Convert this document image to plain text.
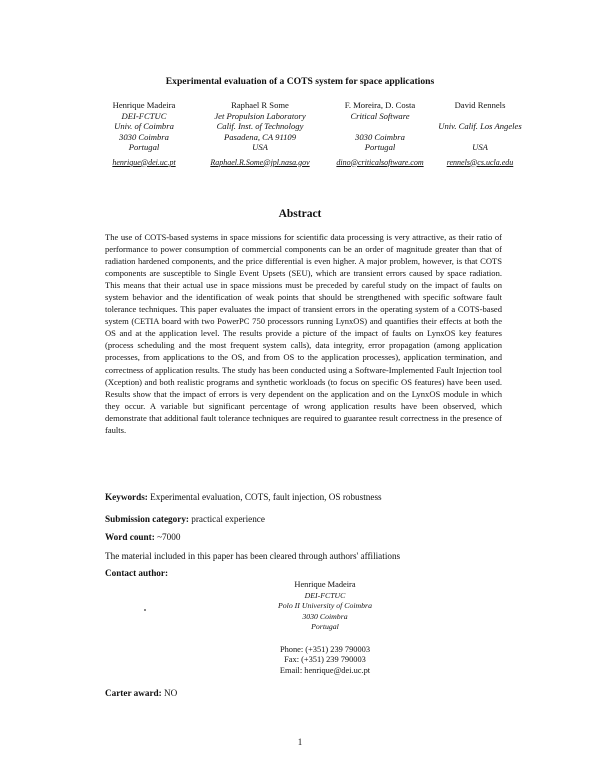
Experimental evaluation of a COTS system for space applications
Henrique Madeira
DEI-FCTUC
Univ. of Coimbra
3030 Coimbra
Portugal
henrique@dei.uc.pt
Raphael R Some
Jet Propulsion Laboratory
Calif. Inst. of Technology
Pasadena, CA 91109
USA
Raphael.R.Some@jpl.nasa.gov
F. Moreira, D. Costa
Critical Software
3030 Coimbra
Portugal
dino@criticalsoftware.com
David Rennels
Univ. Calif. Los Angeles
USA
rennels@cs.ucla.edu
Abstract
The use of COTS-based systems in space missions for scientific data processing is very attractive, as their ratio of performance to power consumption of commercial components can be an order of magnitude greater than that of radiation hardened components, and the price differential is even higher. A major problem, however, is that COTS components are susceptible to Single Event Upsets (SEU), which are transient errors caused by space radiation. This means that their actual use in space missions must be preceded by careful study on the impact of faults on system behavior and the identification of weak points that should be strengthened with specific software fault tolerance techniques. This paper evaluates the impact of transient errors in the operating system of a COTS-based system (CETIA board with two PowerPC 750 processors running LynxOS) and quantifies their effects at both the OS and at the application level. The results provide a picture of the impact of faults on LynxOS key features (process scheduling and the most frequent system calls), data integrity, error propagation (among application processes, from applications to the OS, and from OS to the application processes), application termination, and correctness of application results. The study has been conducted using a Software-Implemented Fault Injection tool (Xception) and both realistic programs and synthetic workloads (to focus on specific OS features) have been used. Results show that the impact of errors is very dependent on the application and on the LynxOS module in which they occur. A variable but significant percentage of wrong application results have been observed, which demonstrate that additional fault tolerance techniques are required to guarantee result correctness in the presence of faults.
Keywords: Experimental evaluation, COTS, fault injection, OS robustness
Submission category: practical experience
Word count: ~7000
The material included in this paper has been cleared through authors' affiliations
Contact author:
Henrique Madeira
DEI-FCTUC
Polo II University of Coimbra
3030 Coimbra
Portugal
Phone: (+351) 239 790003
Fax: (+351) 239 790003
Email: henrique@dei.uc.pt
Carter award: NO
1
